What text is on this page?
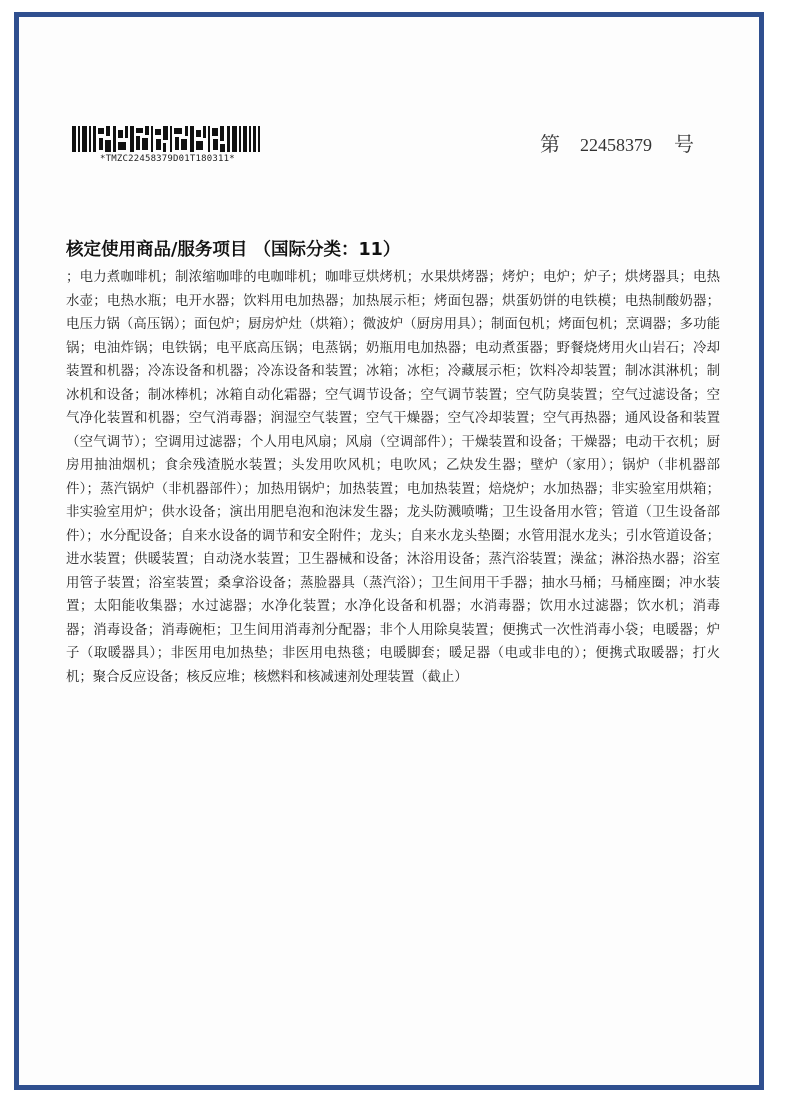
*TMZC22458379D01T180311*
第 22458379 号
核定使用商品/服务项目 （国际分类：11）
；电力煮咖啡机；制浓缩咖啡的电咖啡机；咖啡豆烘烤机；水果烘烤器；烤炉；电炉；炉子；烘烤器具；电热水壶；电热水瓶；电开水器；饮料用电加热器；加热展示柜；烤面包器；烘蛋奶饼的电铁模；电热制酸奶器；电压力锅（高压锅）；面包炉；厨房炉灶（烘箱）；微波炉（厨房用具）；制面包机；烤面包机；烹调器；多功能锅；电油炸锅；电铁锅；电平底高压锅；电蒸锅；奶瓶用电加热器；电动煮蛋器；野餐烧烤用火山岩石；冷却装置和机器；冷冻设备和机器；冷冻设备和装置；冰箱；冰柜；冷藏展示柜；饮料冷却装置；制冰淇淋机；制冰机和设备；制冰棒机；冰箱自动化霜器；空气调节设备；空气调节装置；空气防臭装置；空气过滤设备；空气净化装置和机器；空气消毒器；润湿空气装置；空气干燥器；空气冷却装置；空气再热器；通风设备和装置（空气调节）；空调用过滤器；个人用电风扇；风扇（空调部件）；干燥装置和设备；干燥器；电动干衣机；厨房用抽油烟机；食余残渣脱水装置；头发用吹风机；电吹风；乙炔发生器；壁炉（家用）；锅炉（非机器部件）；蒸汽锅炉（非机器部件）；加热用锅炉；加热装置；电加热装置；焙烧炉；水加热器；非实验室用烘箱；非实验室用炉；供水设备；演出用肥皂泡和泡沫发生器；龙头防溅喷嘴；卫生设备用水管；管道（卫生设备部件）；水分配设备；自来水设备的调节和安全附件；龙头；自来水龙头垫圈；水管用混水龙头；引水管道设备；进水装置；供暖装置；自动浇水装置；卫生器械和设备；沐浴用设备；蒸汽浴装置；澡盆；淋浴热水器；浴室用管子装置；浴室装置；桑拿浴设备；蒸脸器具（蒸汽浴）；卫生间用干手器；抽水马桶；马桶座圈；冲水装置；太阳能收集器；水过滤器；水净化装置；水净化设备和机器；水消毒器；饮用水过滤器；饮水机；消毒器；消毒设备；消毒碗柜；卫生间用消毒剂分配器；非个人用除臭装置；便携式一次性消毒小袋；电暖器；炉子（取暖器具）；非医用电加热垫；非医用电热毯；电暖脚套；暖足器（电或非电的）；便携式取暖器；打火机；聚合反应设备；核反应堆；核燃料和核减速剂处理装置（截止）
